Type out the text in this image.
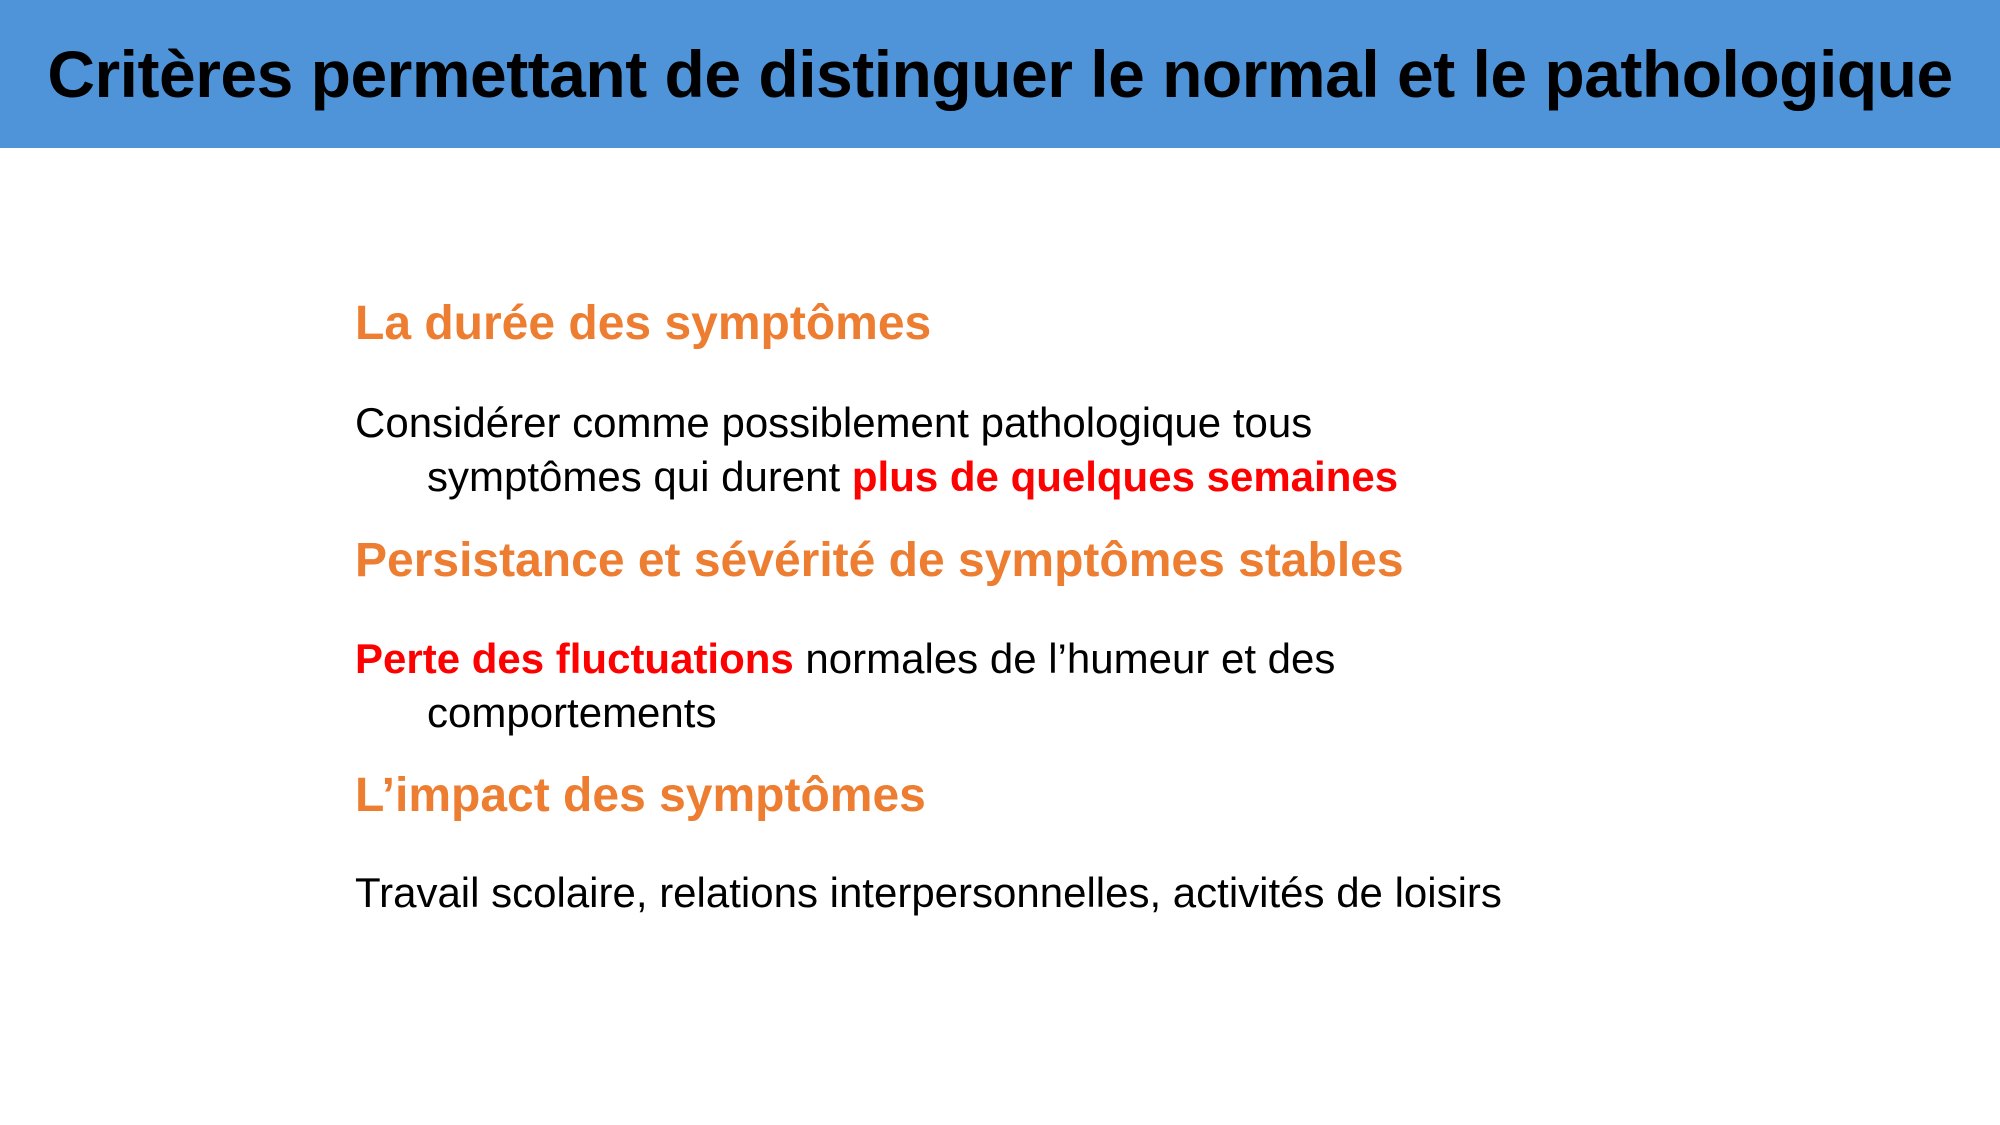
Critères permettant de distinguer le normal et le pathologique
La durée des symptômes

Considérer comme possiblement pathologique tous
symptômes qui durent plus de quelques semaines

Persistance et sévérité de symptômes stables

Perte des fluctuations normales de l’humeur et des
comportements

L’impact des symptômes

Travail scolaire, relations interpersonnelles, activités de loisirs
